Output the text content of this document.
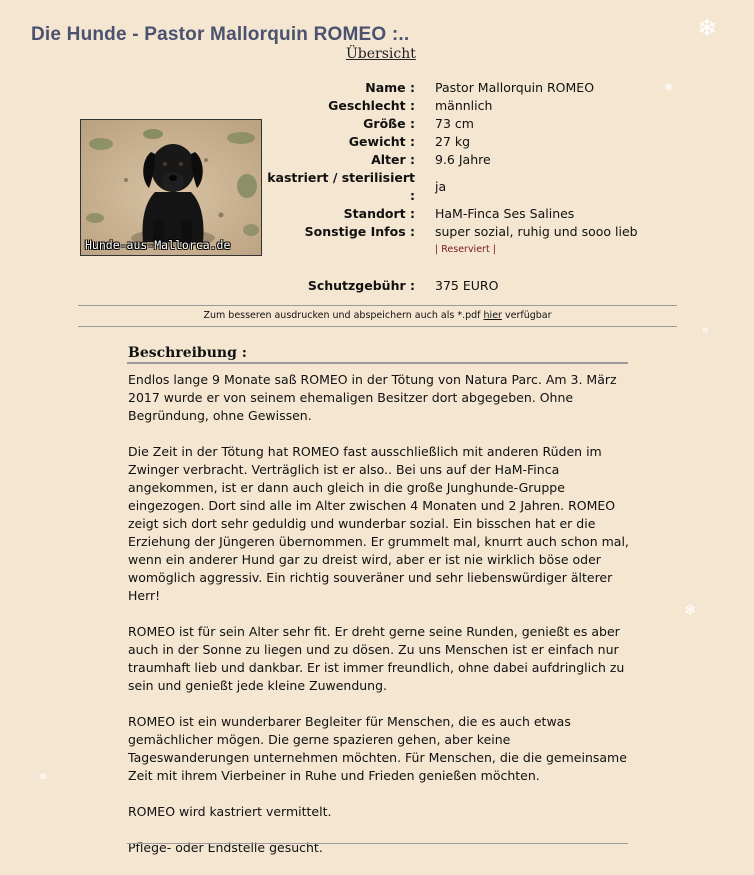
❄
❄
❄
❄
❄
Die Hunde - Pastor Mallorquin ROMEO :..
Übersicht
Hunde-aus-Mallorca.de
Name : Pastor Mallorquin ROMEO
Geschlecht : männlich
Größe : 73 cm
Gewicht : 27 kg
Alter : 9.6 Jahre
kastriert / sterilisiert :
ja
Standort : HaM-Finca Ses Salines
Sonstige Infos : super sozial, ruhig und sooo lieb
| Reserviert |
Schutzgebühr : 375 EURO
Zum besseren ausdrucken und abspeichern auch als *.pdf hier verfügbar
Beschreibung :

Endlos lange 9 Monate saß ROMEO in der Tötung von Natura Parc. Am 3. März 2017 wurde er von seinem ehemaligen Besitzer dort abgegeben. Ohne Begründung, ohne Gewissen.

Die Zeit in der Tötung hat ROMEO fast ausschließlich mit anderen Rüden im Zwinger verbracht. Verträglich ist er also.. Bei uns auf der HaM-Finca angekommen, ist er dann auch gleich in die große Junghunde-Gruppe eingezogen. Dort sind alle im Alter zwischen 4 Monaten und 2 Jahren. ROMEO zeigt sich dort sehr geduldig und wunderbar sozial. Ein bisschen hat er die Erziehung der Jüngeren übernommen. Er grummelt mal, knurrt auch schon mal, wenn ein anderer Hund gar zu dreist wird, aber er ist nie wirklich böse oder womöglich aggressiv. Ein richtig souveräner und sehr liebenswürdiger älterer Herr!

ROMEO ist für sein Alter sehr fit. Er dreht gerne seine Runden, genießt es aber auch in der Sonne zu liegen und zu dösen. Zu uns Menschen ist er einfach nur traumhaft lieb und dankbar. Er ist immer freundlich, ohne dabei aufdringlich zu sein und genießt jede kleine Zuwendung.

ROMEO ist ein wunderbarer Begleiter für Menschen, die es auch etwas gemächlicher mögen. Die gerne spazieren gehen, aber keine Tageswanderungen unternehmen möchten. Für Menschen, die die gemeinsame Zeit mit ihrem Vierbeiner in Ruhe und Frieden genießen möchten.

ROMEO wird kastriert vermittelt.

Pflege- oder Endstelle gesucht.
